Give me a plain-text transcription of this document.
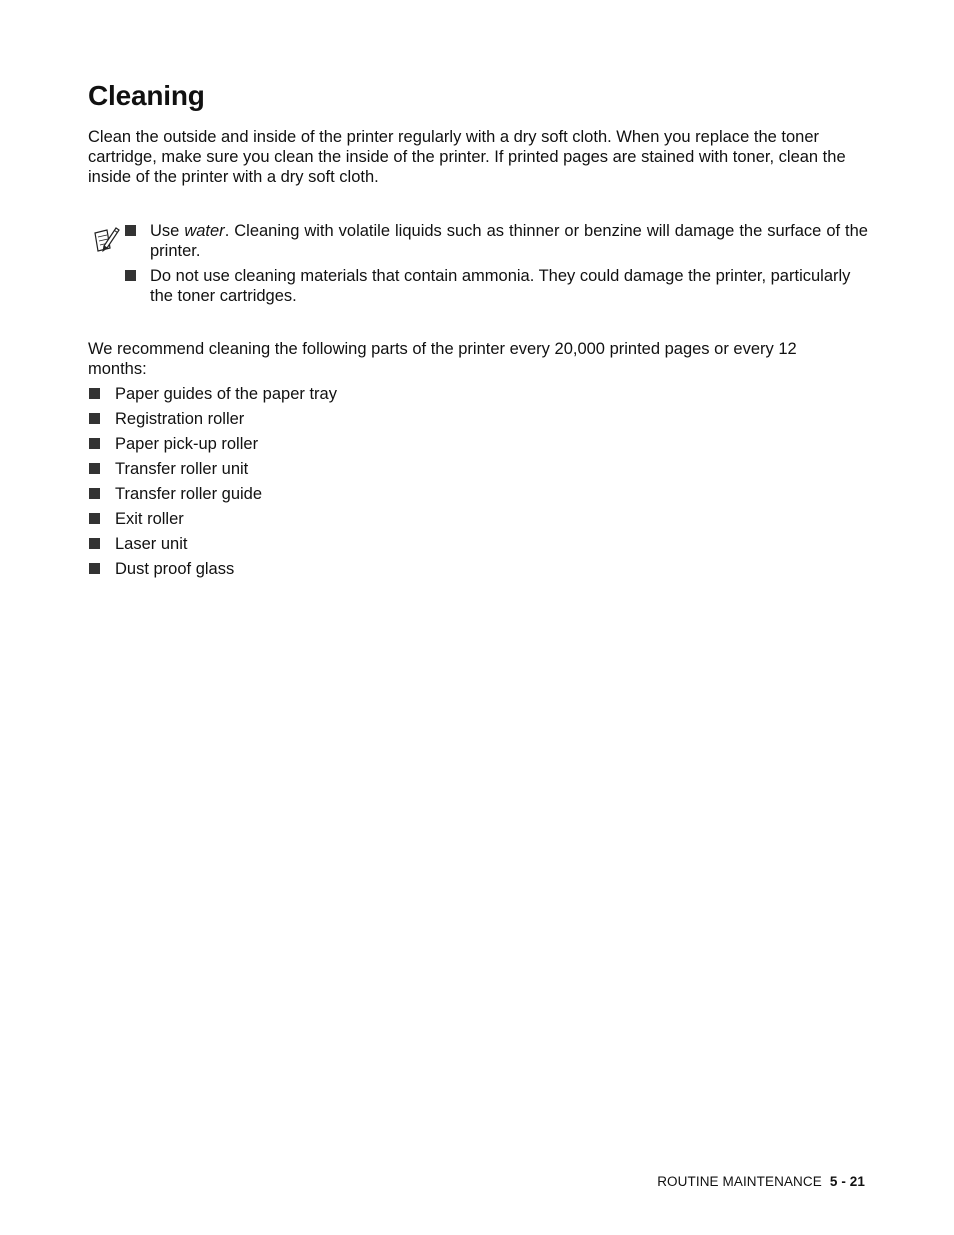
Cleaning

Clean the outside and inside of the printer regularly with a dry soft cloth. When you replace the toner cartridge, make sure you clean the inside of the printer. If printed pages are stained with toner, clean the inside of the printer with a dry soft cloth.

Use water. Cleaning with volatile liquids such as thinner or benzine will damage the surface of the printer.
Do not use cleaning materials that contain ammonia. They could damage the printer, particularly the toner cartridges.

We recommend cleaning the following parts of the printer every 20,000 printed pages or every 12 months:

Paper guides of the paper tray
Registration roller
Paper pick-up roller
Transfer roller unit
Transfer roller guide
Exit roller
Laser unit
Dust proof glass
ROUTINE MAINTENANCE 5 - 21
